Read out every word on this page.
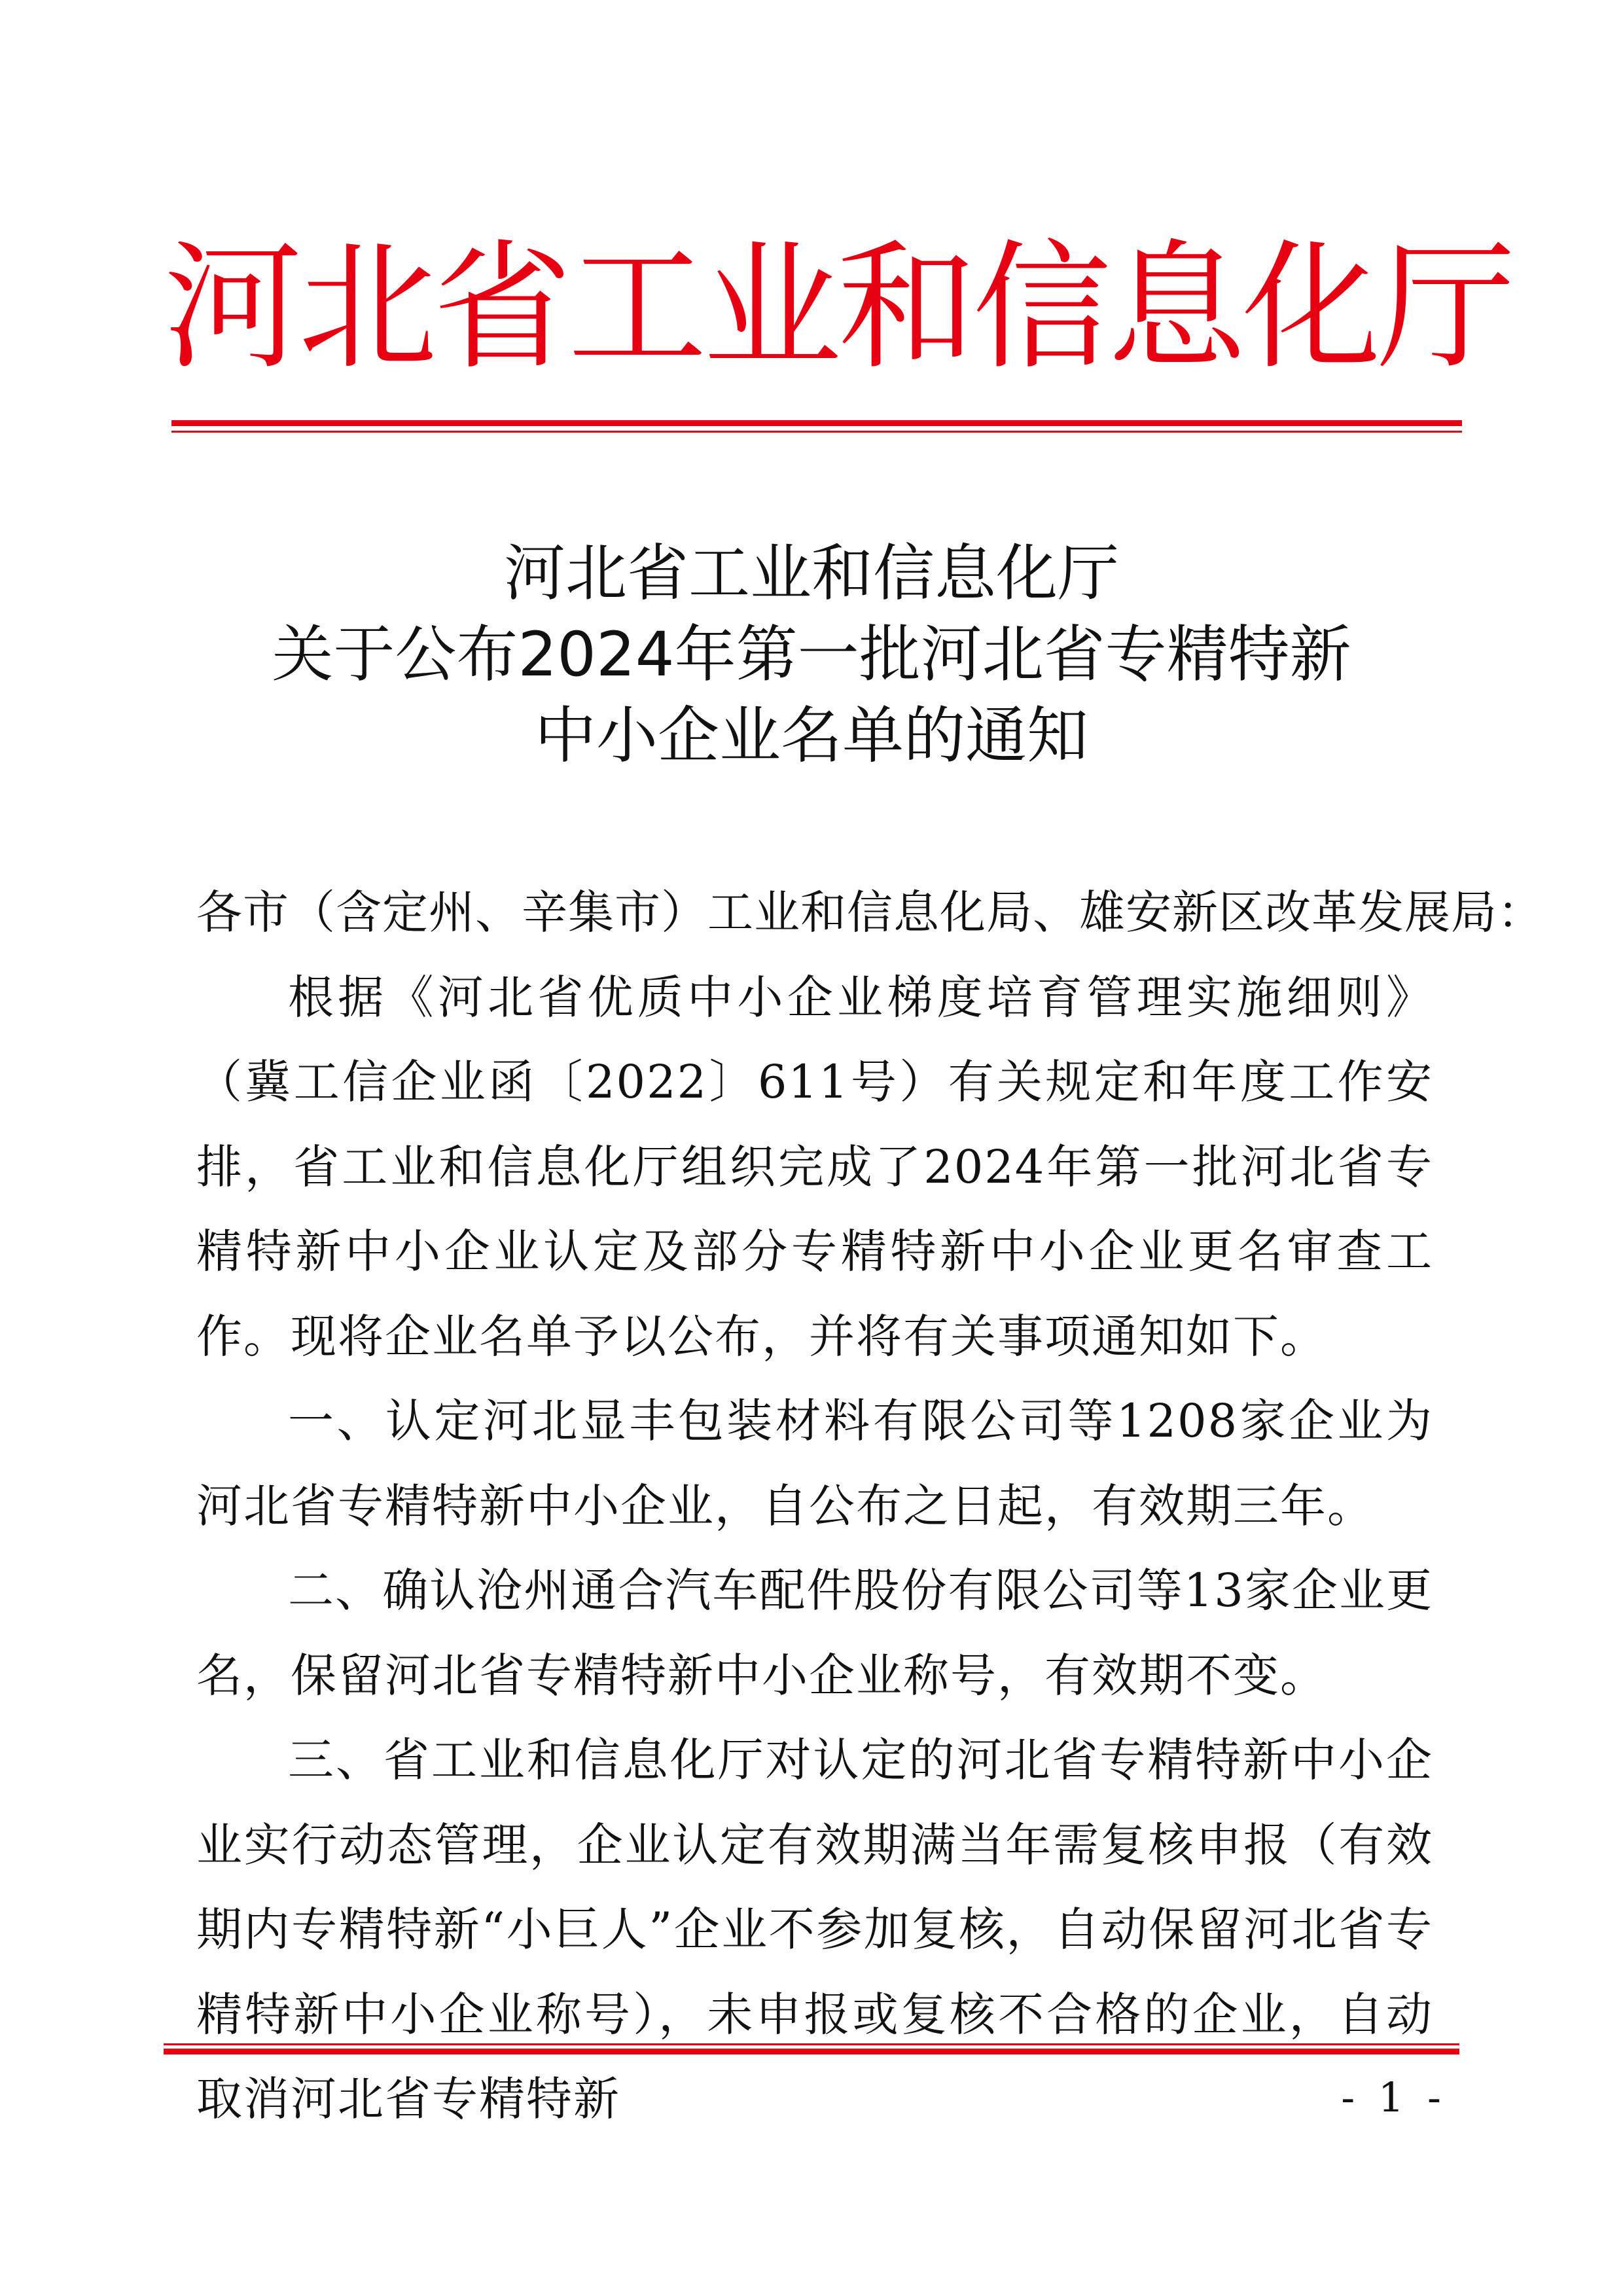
河北省工业和信息化厅
河北省工业和信息化厅
关于公布2024年第一批河北省专精特新
中小企业名单的通知

各市（含定州、辛集市）工业和信息化局、雄安新区改革发展局：

根据《河北省优质中小企业梯度培育管理实施细则》（冀工信企业函〔2022〕611号）有关规定和年度工作安排，省工业和信息化厅组织完成了2024年第一批河北省专精特新中小企业认定及部分专精特新中小企业更名审查工作。现将企业名单予以公布，并将有关事项通知如下。

一、认定河北显丰包装材料有限公司等1208家企业为河北省专精特新中小企业，自公布之日起，有效期三年。

二、确认沧州通合汽车配件股份有限公司等13家企业更名，保留河北省专精特新中小企业称号，有效期不变。

三、省工业和信息化厅对认定的河北省专精特新中小企业实行动态管理，企业认定有效期满当年需复核申报（有效期内专精特新“小巨人”企业不参加复核，自动保留河北省专精特新中小企业称号），未申报或复核不合格的企业，自动取消河北省专精特新	- 1 -
